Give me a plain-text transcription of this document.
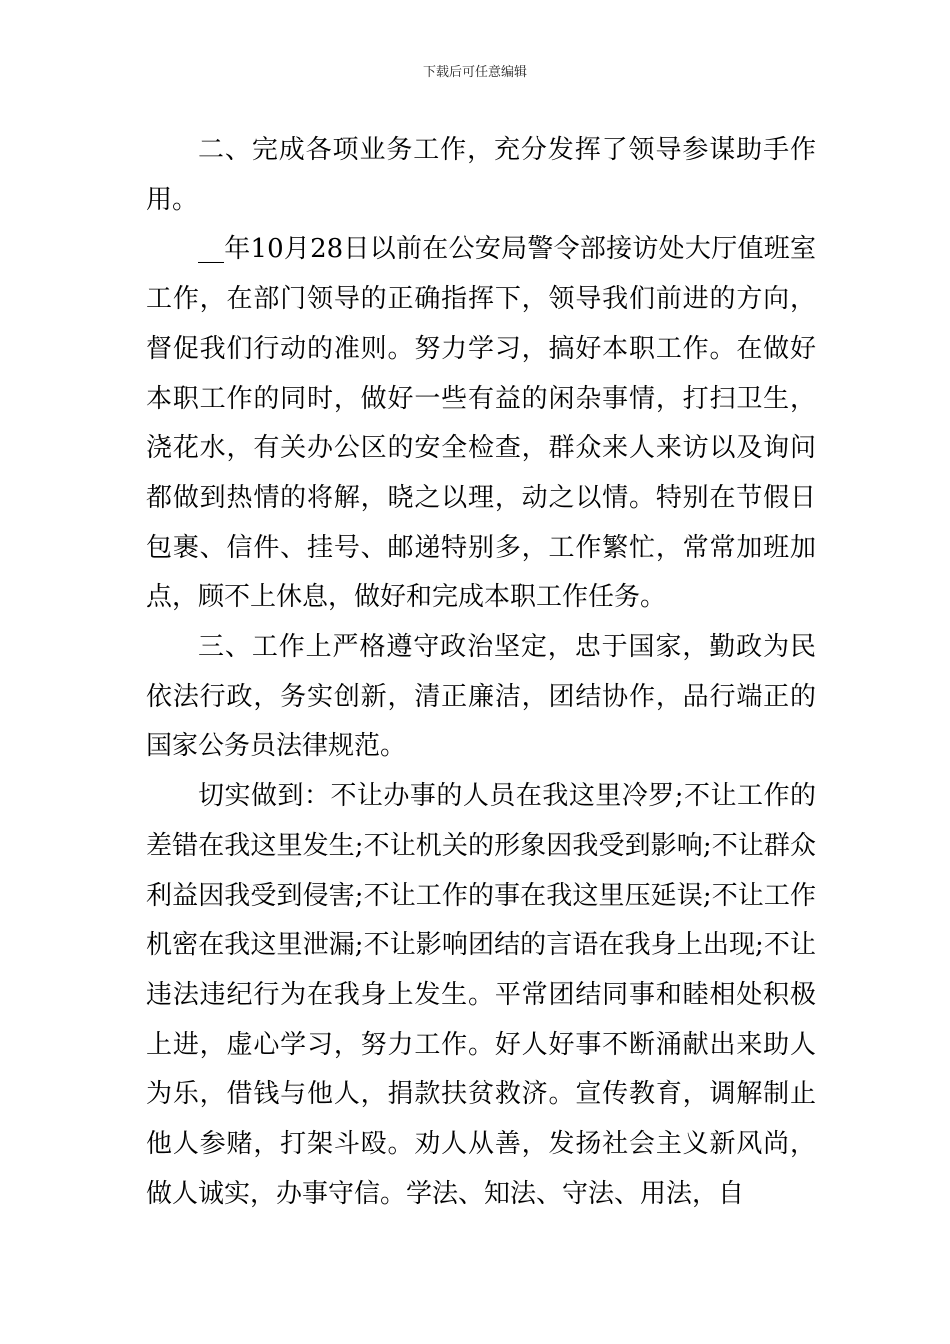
下载后可任意编辑

二、完成各项业务工作，充分发挥了领导参谋助手作用。

__年10月28日以前在公安局警令部接访处大厅值班室工作，在部门领导的正确指挥下，领导我们前进的方向，督促我们行动的准则。努力学习，搞好本职工作。在做好本职工作的同时，做好一些有益的闲杂事情，打扫卫生，浇花水，有关办公区的安全检查，群众来人来访以及询问都做到热情的将解，晓之以理，动之以情。特别在节假日包裹、信件、挂号、邮递特别多，工作繁忙，常常加班加点，顾不上休息，做好和完成本职工作任务。

三、工作上严格遵守政治坚定，忠于国家，勤政为民依法行政，务实创新，清正廉洁，团结协作，品行端正的国家公务员法律规范。

切实做到：不让办事的人员在我这里冷罗;不让工作的差错在我这里发生;不让机关的形象因我受到影响;不让群众利益因我受到侵害;不让工作的事在我这里压延误;不让工作机密在我这里泄漏;不让影响团结的言语在我身上出现;不让违法违纪行为在我身上发生。平常团结同事和睦相处积极上进，虚心学习，努力工作。好人好事不断涌献出来助人为乐，借钱与他人，捐款扶贫救济。宣传教育，调解制止他人参赌，打架斗殴。劝人从善，发扬社会主义新风尚，做人诚实，办事守信。学法、知法、守法、用法，自
